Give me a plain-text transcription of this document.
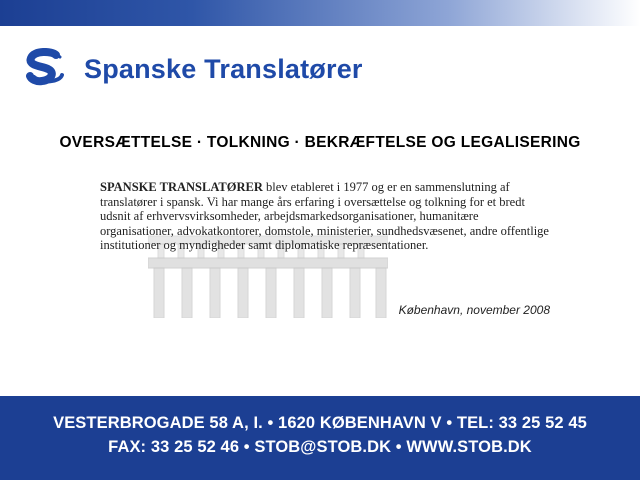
Spanske Translatører
OVERSÆTTELSE · TOLKNING · BEKRÆFTELSE OG LEGALISERING
SPANSKE TRANSLATØRER blev etableret i 1977 og er en sammenslutning af translatører i spansk. Vi har mange års erfaring i oversættelse og tolkning for et bredt udsnit af erhvervsvirksomheder, arbejdsmarkedsorganisationer, humanitære organisationer, advokatkontorer, domstole, ministerier, sundhedsvæsenet, andre offentlige institutioner og myndigheder samt diplomatiske repræsentationer.
København, november 2008
VESTERBROGADE 58 A, I. • 1620 KØBENHAVN V • TEL: 33 25 52 45
FAX: 33 25 52 46 • STOB@STOB.DK • WWW.STOB.DK
